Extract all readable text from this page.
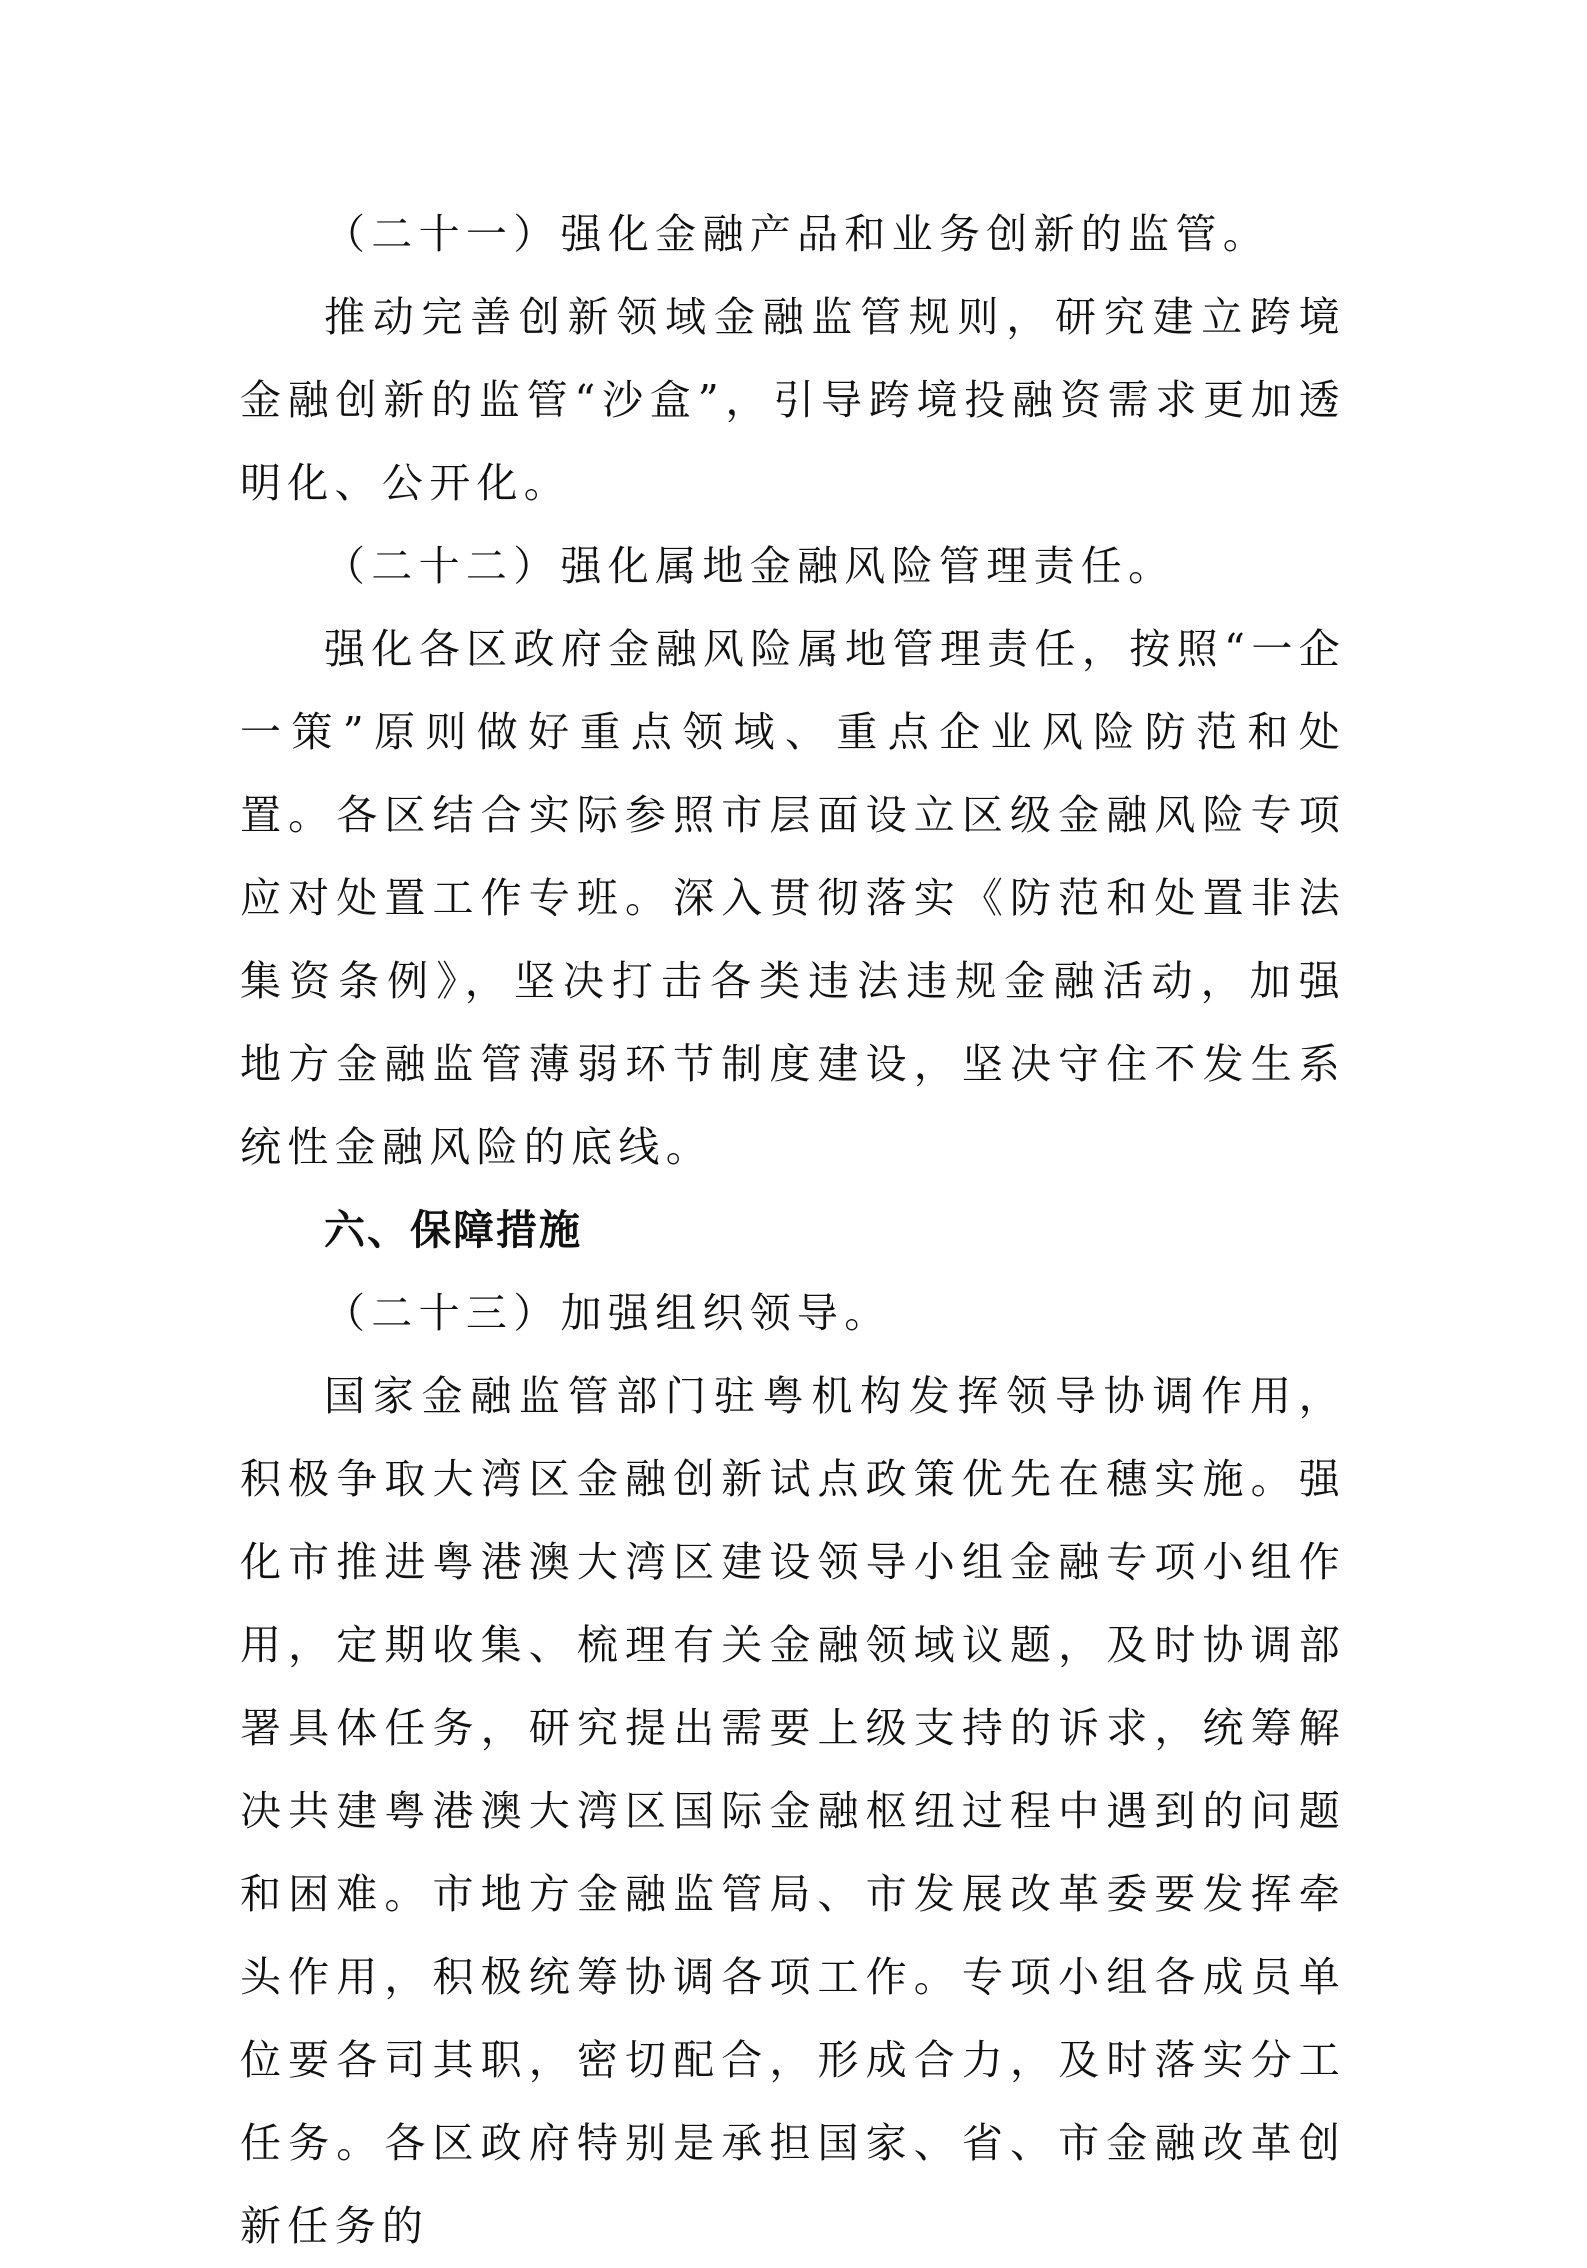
（二十一）强化金融产品和业务创新的监管。

推动完善创新领域金融监管规则，研究建立跨境金融创新的监管“沙盒”，引导跨境投融资需求更加透明化、公开化。

（二十二）强化属地金融风险管理责任。

强化各区政府金融风险属地管理责任，按照“一企一策”原则做好重点领域、重点企业风险防范和处置。各区结合实际参照市层面设立区级金融风险专项应对处置工作专班。深入贯彻落实《防范和处置非法集资条例》，坚决打击各类违法违规金融活动，加强地方金融监管薄弱环节制度建设，坚决守住不发生系统性金融风险的底线。

六、保障措施

（二十三）加强组织领导。

国家金融监管部门驻粤机构发挥领导协调作用，积极争取大湾区金融创新试点政策优先在穗实施。强化市推进粤港澳大湾区建设领导小组金融专项小组作用，定期收集、梳理有关金融领域议题，及时协调部署具体任务，研究提出需要上级支持的诉求，统筹解决共建粤港澳大湾区国际金融枢纽过程中遇到的问题和困难。市地方金融监管局、市发展改革委要发挥牵头作用，积极统筹协调各项工作。专项小组各成员单位要各司其职，密切配合，形成合力，及时落实分工任务。各区政府特别是承担国家、省、市金融改革创新任务的
